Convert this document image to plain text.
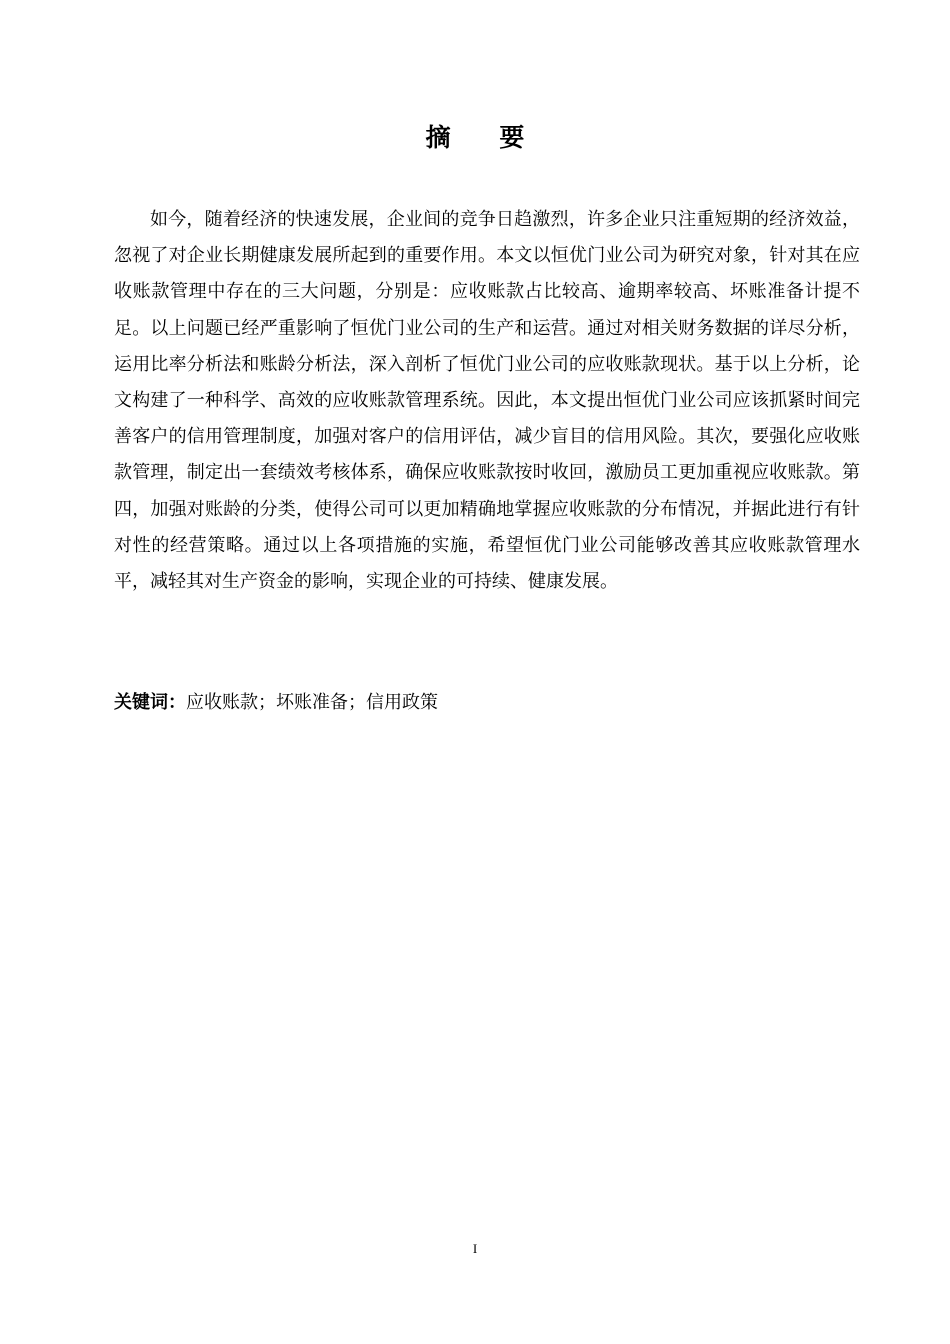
摘 要

如今，随着经济的快速发展，企业间的竞争日趋激烈，许多企业只注重短期的经济效益，忽视了对企业长期健康发展所起到的重要作用。本文以恒优门业公司为研究对象，针对其在应收账款管理中存在的三大问题，分别是：应收账款占比较高、逾期率较高、坏账准备计提不足。以上问题已经严重影响了恒优门业公司的生产和运营。通过对相关财务数据的详尽分析，运用比率分析法和账龄分析法，深入剖析了恒优门业公司的应收账款现状。基于以上分析，论文构建了一种科学、高效的应收账款管理系统。因此，本文提出恒优门业公司应该抓紧时间完善客户的信用管理制度，加强对客户的信用评估，减少盲目的信用风险。其次，要强化应收账款管理，制定出一套绩效考核体系，确保应收账款按时收回，激励员工更加重视应收账款。第四，加强对账龄的分类，使得公司可以更加精确地掌握应收账款的分布情况，并据此进行有针对性的经营策略。通过以上各项措施的实施，希望恒优门业公司能够改善其应收账款管理水平，减轻其对生产资金的影响，实现企业的可持续、健康发展。

关键词：应收账款；坏账准备；信用政策

I
